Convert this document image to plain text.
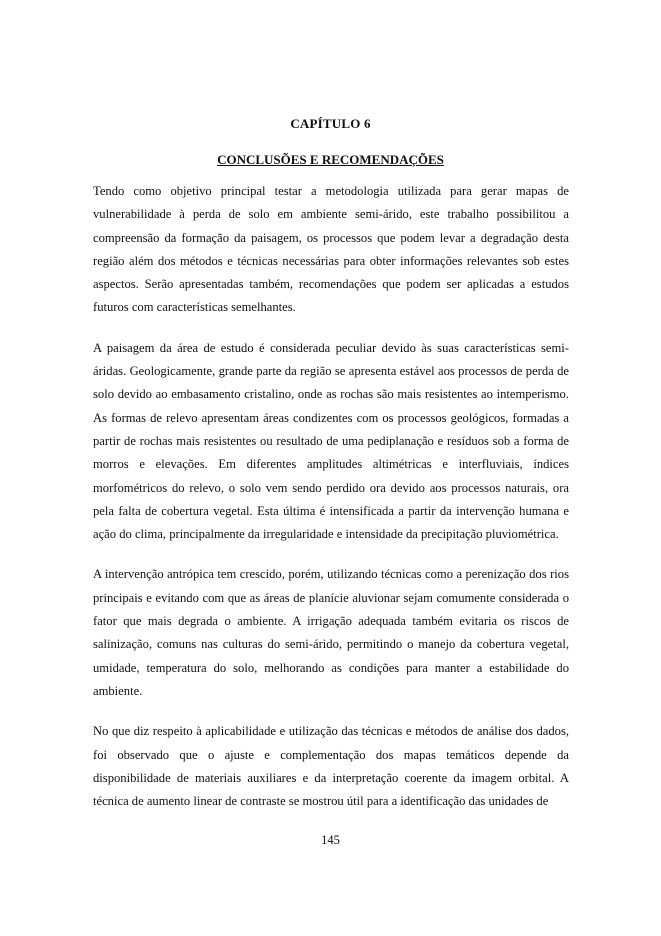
CAPÍTULO 6
CONCLUSÕES E RECOMENDAÇÕES

Tendo como objetivo principal testar a metodologia utilizada para gerar mapas de vulnerabilidade à perda de solo em ambiente semi-árido, este trabalho possibilitou a compreensão da formação da paisagem, os processos que podem levar a degradação desta região além dos métodos e técnicas necessárias para obter informações relevantes sob estes aspectos. Serão apresentadas também, recomendações que podem ser aplicadas a estudos futuros com características semelhantes.

A paisagem da área de estudo é considerada peculiar devido às suas características semi-áridas. Geologicamente, grande parte da região se apresenta estável aos processos de perda de solo devido ao embasamento cristalino, onde as rochas são mais resistentes ao intemperismo. As formas de relevo apresentam áreas condizentes com os processos geológicos, formadas a partir de rochas mais resistentes ou resultado de uma pediplanação e resíduos sob a forma de morros e elevações. Em diferentes amplitudes altimétricas e interfluviais, índices morfométricos do relevo, o solo vem sendo perdido ora devido aos processos naturais, ora pela falta de cobertura vegetal. Esta última é intensificada a partir da intervenção humana e ação do clima, principalmente da irregularidade e intensidade da precipitação pluviométrica.

A intervenção antrópica tem crescido, porém, utilizando técnicas como a perenização dos rios principais e evitando com que as áreas de planície aluvionar sejam comumente considerada o fator que mais degrada o ambiente. A irrigação adequada também evitaria os riscos de salinização, comuns nas culturas do semi-árido, permitindo o manejo da cobertura vegetal, umidade, temperatura do solo, melhorando as condições para manter a estabilidade do ambiente.

No que diz respeito à aplicabilidade e utilização das técnicas e métodos de análise dos dados, foi observado que o ajuste e complementação dos mapas temáticos depende da disponibilidade de materiais auxiliares e da interpretação coerente da imagem orbital. A técnica de aumento linear de contraste se mostrou útil para a identificação das unidades de

145
